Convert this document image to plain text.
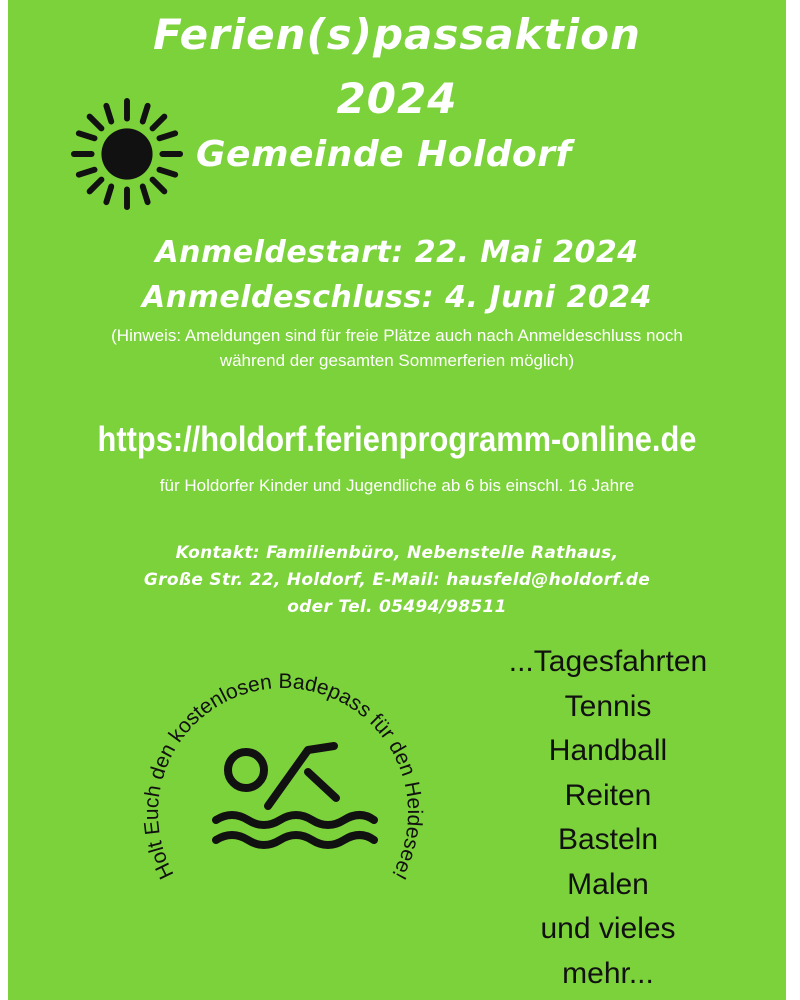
Ferien(s)passaktion
2024
Gemeinde Holdorf
Anmeldestart: 22. Mai 2024
Anmeldeschluss: 4. Juni 2024
(Hinweis: Ameldungen sind für freie Plätze auch nach Anmeldeschluss noch
während der gesamten Sommerferien möglich)
https://holdorf.ferienprogramm-online.de
für Holdorfer Kinder und Jugendliche ab 6 bis einschl. 16 Jahre
Kontakt: Familienbüro, Nebenstelle Rathaus,
Große Str. 22, Holdorf, E-Mail: hausfeld@holdorf.de
oder Tel. 05494/98511
Holt Euch den kostenlosen Badepass für den Heidesee!
...Tagesfahrten
Tennis
Handball
Reiten
Basteln
Malen
und vieles
mehr...
